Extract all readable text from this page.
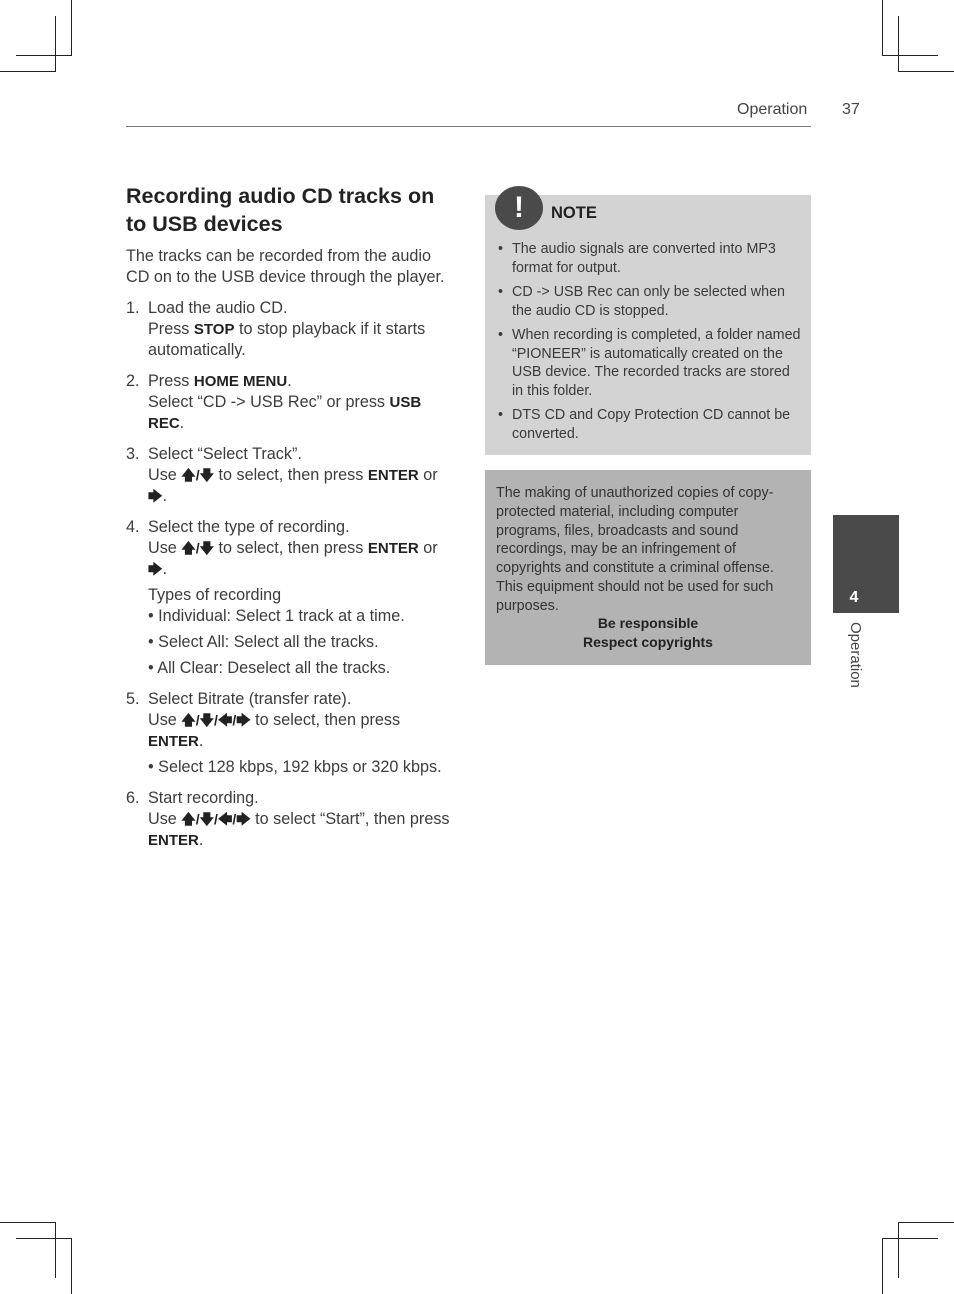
Operation 37
Recording audio CD tracks on
to USB devices
The tracks can be recorded from the audio CD on to the USB device through the player.
1. Load the audio CD.
Press STOP to stop playback if it starts automatically.
2. Press HOME MENU.
Select “CD -> USB Rec” or press USB REC.
3. Select “Select Track”.
Use 🡅/🡇 to select, then press ENTER or
🡆.
4. Select the type of recording.
Use 🡅/🡇 to select, then press ENTER or
🡆.
Types of recording
• Individual: Select 1 track at a time.
• Select All: Select all the tracks.
• All Clear: Deselect all the tracks.
5. Select Bitrate (transfer rate).
Use 🡅/🡇/🡄/🡆 to select, then press
ENTER.
• Select 128 kbps, 192 kbps or 320 kbps.
6. Start recording.
Use 🡅/🡇/🡄/🡆 to select “Start”, then press ENTER.
!	NOTE
• The audio signals are converted into MP3 format for output.
• CD -> USB Rec can only be selected when the audio CD is stopped.
• When recording is completed, a folder named “PIONEER” is automatically created on the USB device. The recorded tracks are stored in this folder.
• DTS CD and Copy Protection CD cannot be converted.
The making of unauthorized copies of copy-protected material, including computer programs, files, broadcasts and sound recordings, may be an infringement of copyrights and constitute a criminal offense. This equipment should not be used for such purposes.
Be responsible
Respect copyrights
4
Operation
